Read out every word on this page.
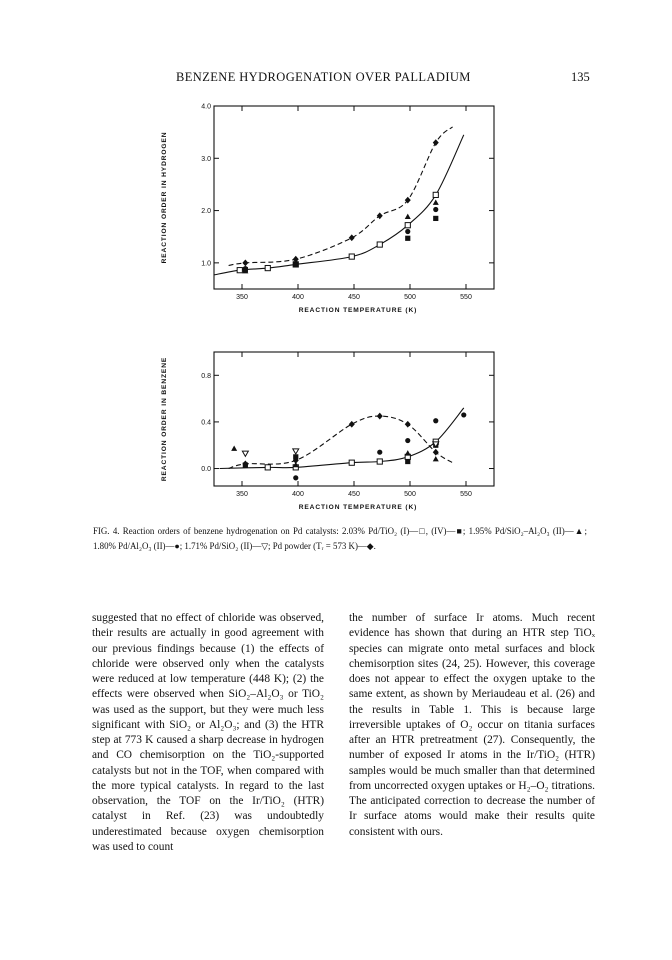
BENZENE HYDROGENATION OVER PALLADIUM	135
350	400	450	500	550
1.0
2.0
3.0
4.0
REACTION TEMPERATURE (K)
REACTION ORDER IN HYDROGEN
350	400	450	500	550
0.0
0.4
0.8
REACTION TEMPERATURE (K)
REACTION ORDER IN BENZENE
FIG. 4. Reaction orders of benzene hydrogenation on Pd catalysts: 2.03% Pd/TiO₂ (I)—□, (IV)—■; 1.95% Pd/SiO₂–Al₂O₃ (II)—▲; 1.80% Pd/Al₂O₃ (II)—●; 1.71% Pd/SiO₂ (II)—▽; Pd powder (Tᵣ = 573 K)—◆.

suggested that no effect of chloride was observed, their results are actually in good agreement with our previous findings because (1) the effects of chloride were observed only when the catalysts were reduced at low temperature (448 K); (2) the effects were observed when SiO₂–Al₂O₃ or TiO₂ was used as the support, but they were much less significant with SiO₂ or Al₂O₃; and (3) the HTR step at 773 K caused a sharp decrease in hydrogen and CO chemisorption on the TiO₂-supported catalysts but not in the TOF, when compared with the more typical catalysts. In regard to the last observation, the TOF on the Ir/TiO₂ (HTR) catalyst in Ref. (23) was undoubtedly underestimated because oxygen chemisorption was used to count

the number of surface Ir atoms. Much recent evidence has shown that during an HTR step TiOₓ species can migrate onto metal surfaces and block chemisorption sites (24, 25). However, this coverage does not appear to effect the oxygen uptake to the same extent, as shown by Meriaudeau et al. (26) and the results in Table 1. This is because large irreversible uptakes of O₂ occur on titania surfaces after an HTR pretreatment (27). Consequently, the number of exposed Ir atoms in the Ir/TiO₂ (HTR) samples would be much smaller than that determined from uncorrected oxygen uptakes or H₂–O₂ titrations. The anticipated correction to decrease the number of Ir surface atoms would make their results quite consistent with ours.
